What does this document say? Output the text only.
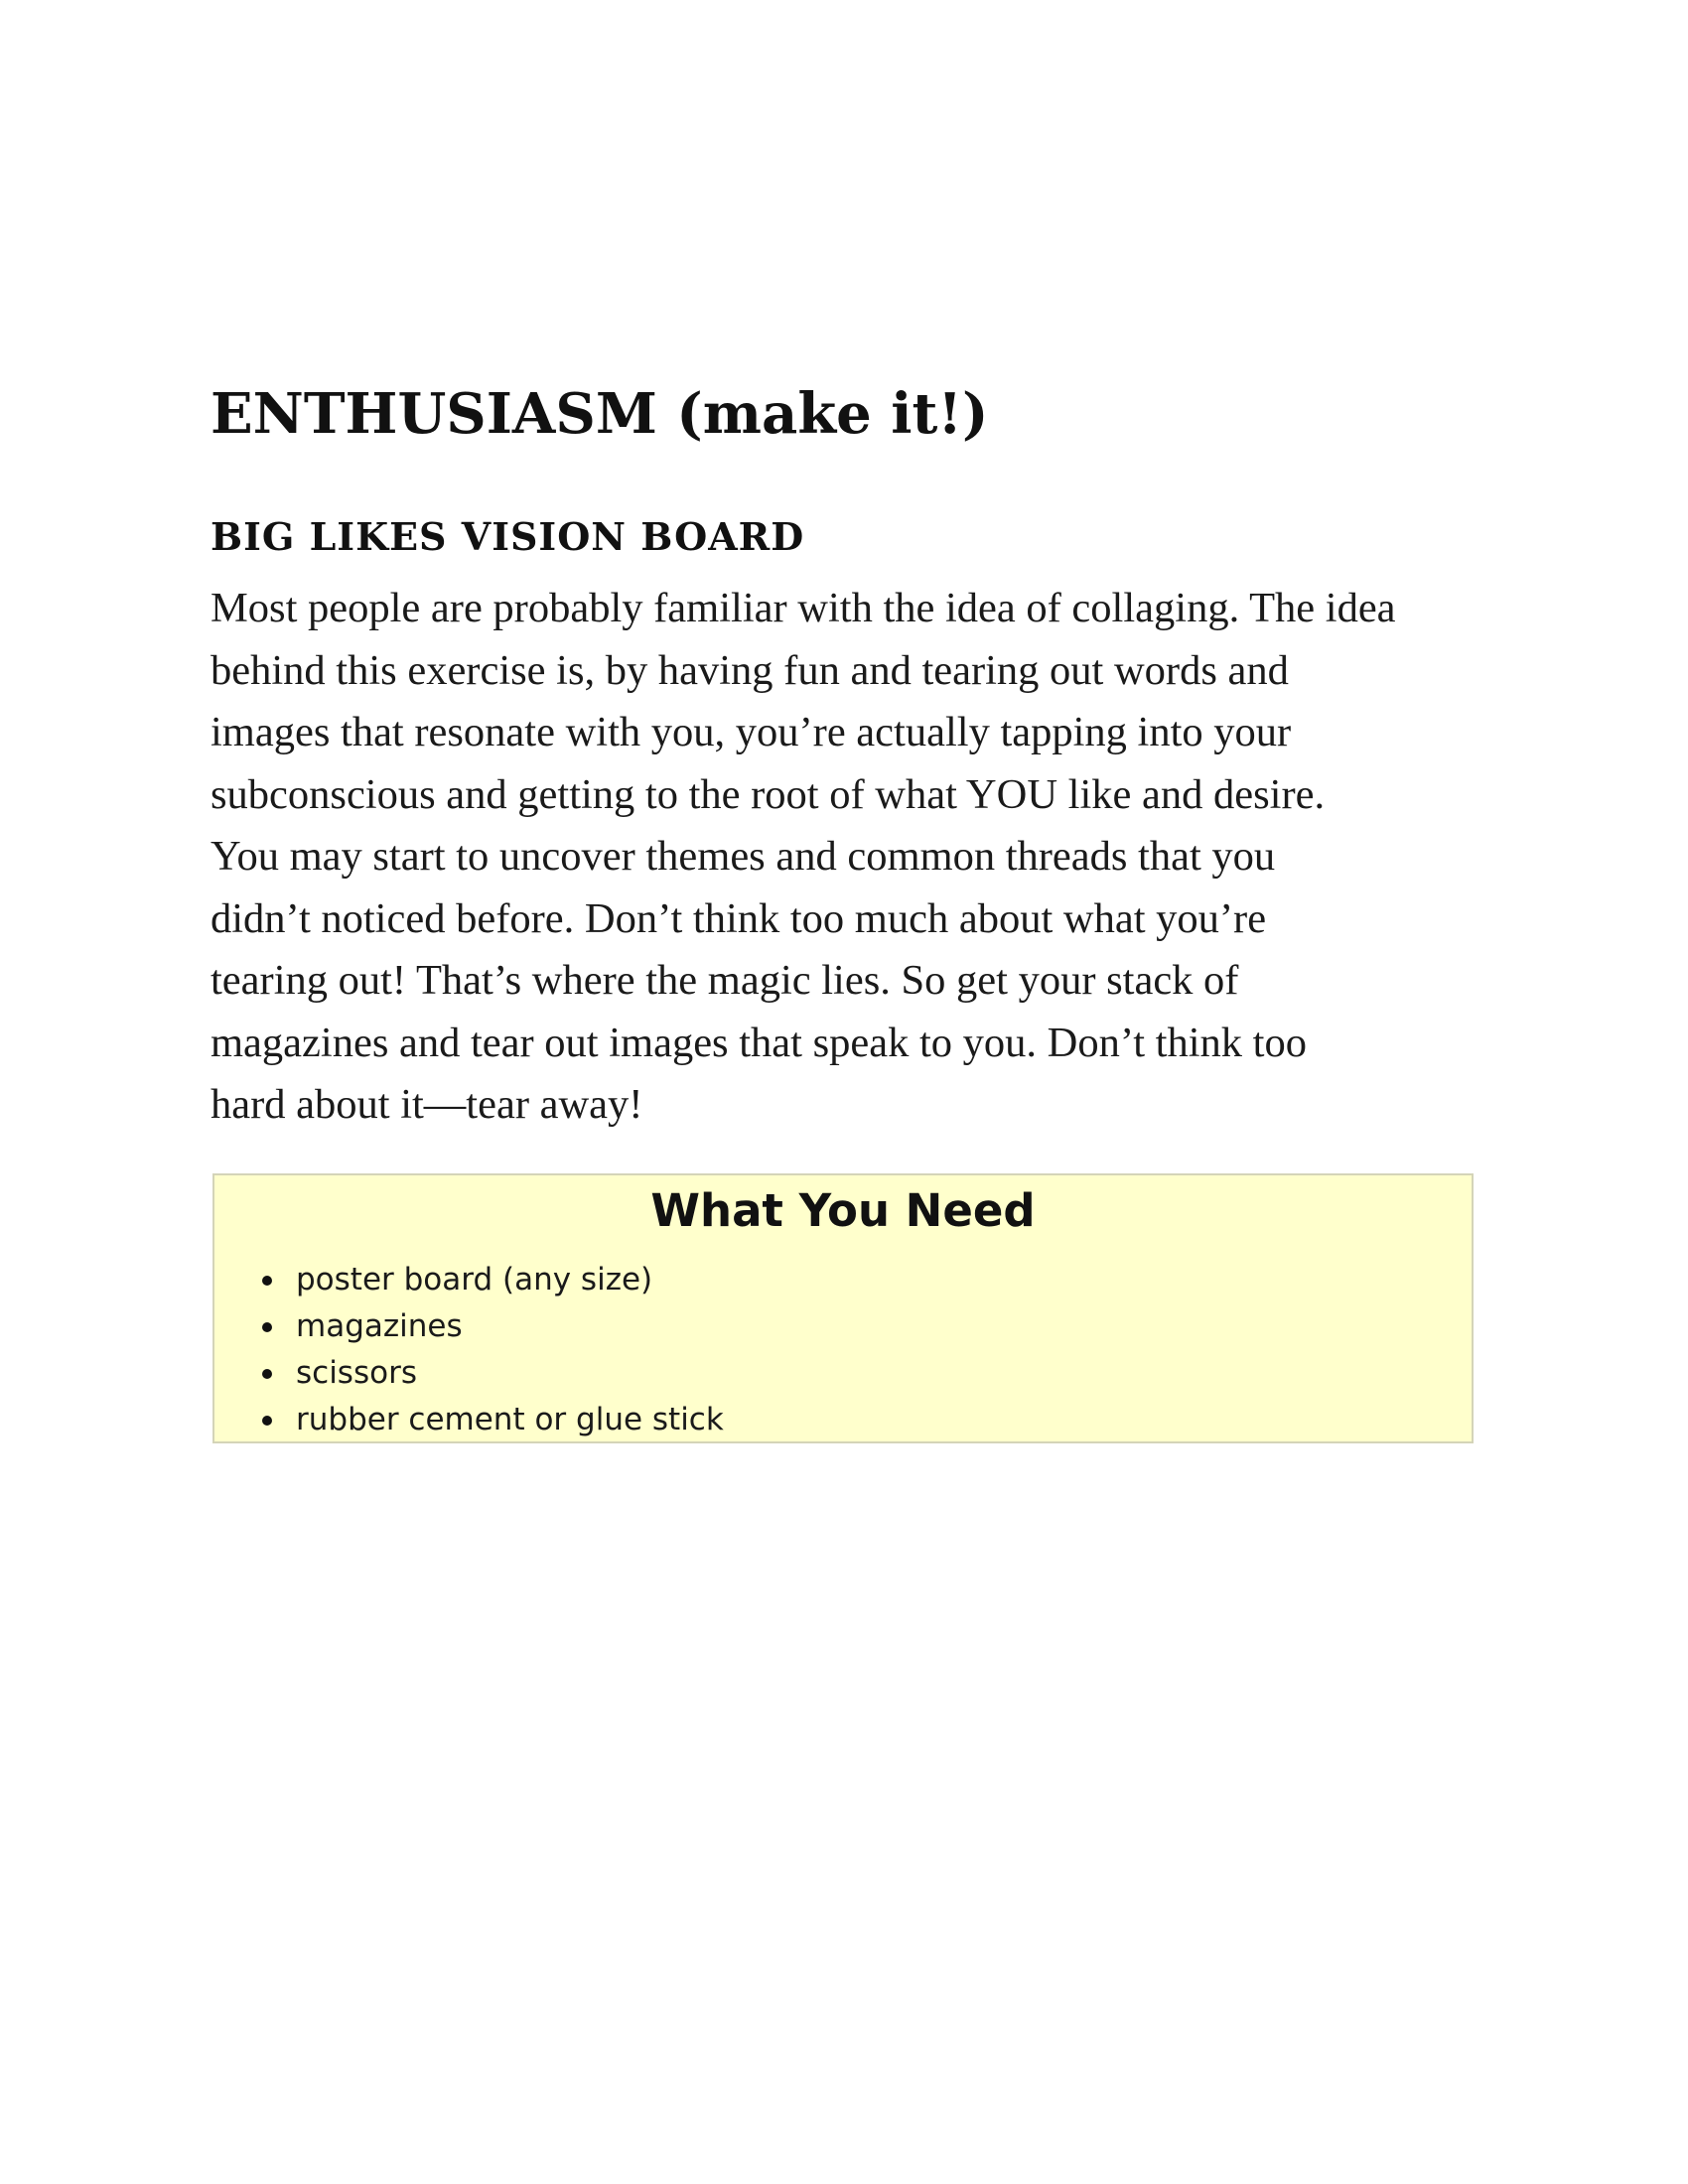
ENTHUSIASM (make it!)
BIG LIKES VISION BOARD

Most people are probably familiar with the idea of collaging. The idea
behind this exercise is, by having fun and tearing out words and
images that resonate with you, you’re actually tapping into your
subconscious and getting to the root of what YOU like and desire.
You may start to uncover themes and common threads that you
didn’t noticed before. Don’t think too much about what you’re
tearing out! That’s where the magic lies. So get your stack of
magazines and tear out images that speak to you. Don’t think too
hard about it—tear away!

What You Need
poster board (any size)
magazines
scissors
rubber cement or glue stick
